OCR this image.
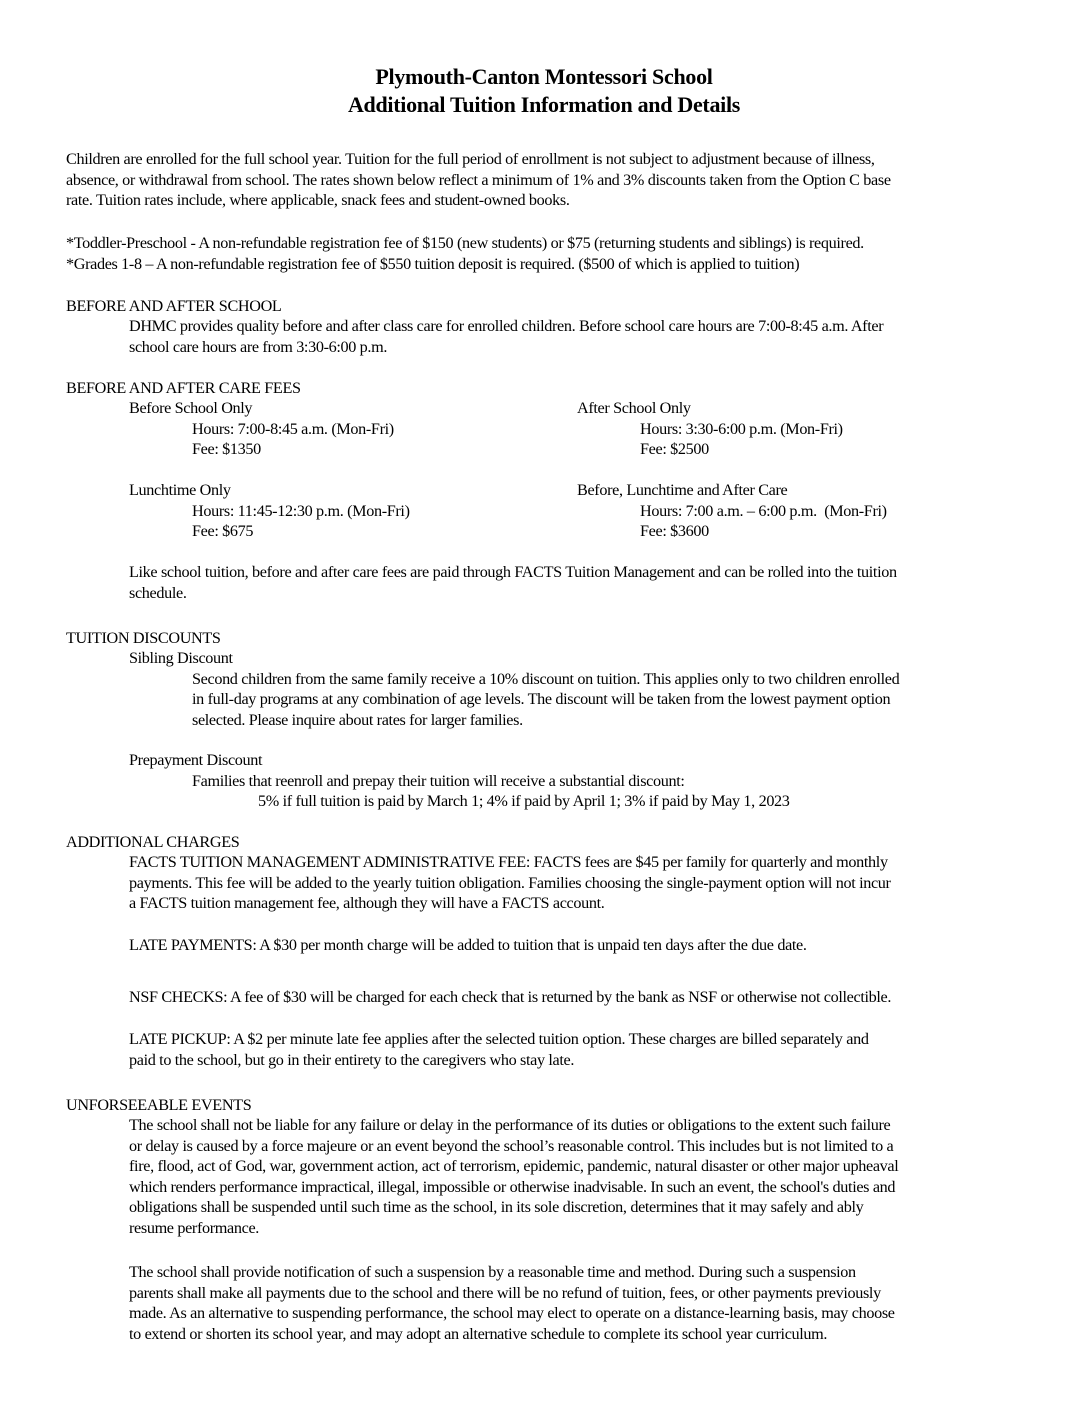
Plymouth-Canton Montessori School
Additional Tuition Information and Details
Children are enrolled for the full school year. Tuition for the full period of enrollment is not subject to adjustment because of illness,
absence, or withdrawal from school. The rates shown below reflect a minimum of 1% and 3% discounts taken from the Option C base
rate. Tuition rates include, where applicable, snack fees and student-owned books.
*Toddler-Preschool - A non-refundable registration fee of $150 (new students) or $75 (returning students and siblings) is required.
*Grades 1-8 – A non-refundable registration fee of $550 tuition deposit is required. ($500 of which is applied to tuition)
BEFORE AND AFTER SCHOOL
DHMC provides quality before and after class care for enrolled children. Before school care hours are 7:00-8:45 a.m. After
school care hours are from 3:30-6:00 p.m.
BEFORE AND AFTER CARE FEES
Before School Only
Hours: 7:00-8:45 a.m. (Mon-Fri)
Fee: $1350
After School Only
Hours: 3:30-6:00 p.m. (Mon-Fri)
Fee: $2500
Lunchtime Only
Hours: 11:45-12:30 p.m. (Mon-Fri)
Fee: $675
Before, Lunchtime and After Care
Hours: 7:00 a.m. – 6:00 p.m.  (Mon-Fri)
Fee: $3600
Like school tuition, before and after care fees are paid through FACTS Tuition Management and can be rolled into the tuition
schedule.
TUITION DISCOUNTS
Sibling Discount
Second children from the same family receive a 10% discount on tuition. This applies only to two children enrolled
in full-day programs at any combination of age levels. The discount will be taken from the lowest payment option
selected. Please inquire about rates for larger families.
Prepayment Discount
Families that reenroll and prepay their tuition will receive a substantial discount:
5% if full tuition is paid by March 1; 4% if paid by April 1; 3% if paid by May 1, 2023
ADDITIONAL CHARGES
FACTS TUITION MANAGEMENT ADMINISTRATIVE FEE: FACTS fees are $45 per family for quarterly and monthly
payments. This fee will be added to the yearly tuition obligation. Families choosing the single-payment option will not incur
a FACTS tuition management fee, although they will have a FACTS account.
LATE PAYMENTS: A $30 per month charge will be added to tuition that is unpaid ten days after the due date.
NSF CHECKS: A fee of $30 will be charged for each check that is returned by the bank as NSF or otherwise not collectible.
LATE PICKUP: A $2 per minute late fee applies after the selected tuition option. These charges are billed separately and
paid to the school, but go in their entirety to the caregivers who stay late.
UNFORSEEABLE EVENTS
The school shall not be liable for any failure or delay in the performance of its duties or obligations to the extent such failure
or delay is caused by a force majeure or an event beyond the school’s reasonable control. This includes but is not limited to a
fire, flood, act of God, war, government action, act of terrorism, epidemic, pandemic, natural disaster or other major upheaval
which renders performance impractical, illegal, impossible or otherwise inadvisable. In such an event, the school's duties and
obligations shall be suspended until such time as the school, in its sole discretion, determines that it may safely and ably
resume performance.
The school shall provide notification of such a suspension by a reasonable time and method. During such a suspension
parents shall make all payments due to the school and there will be no refund of tuition, fees, or other payments previously
made. As an alternative to suspending performance, the school may elect to operate on a distance-learning basis, may choose
to extend or shorten its school year, and may adopt an alternative schedule to complete its school year curriculum.
